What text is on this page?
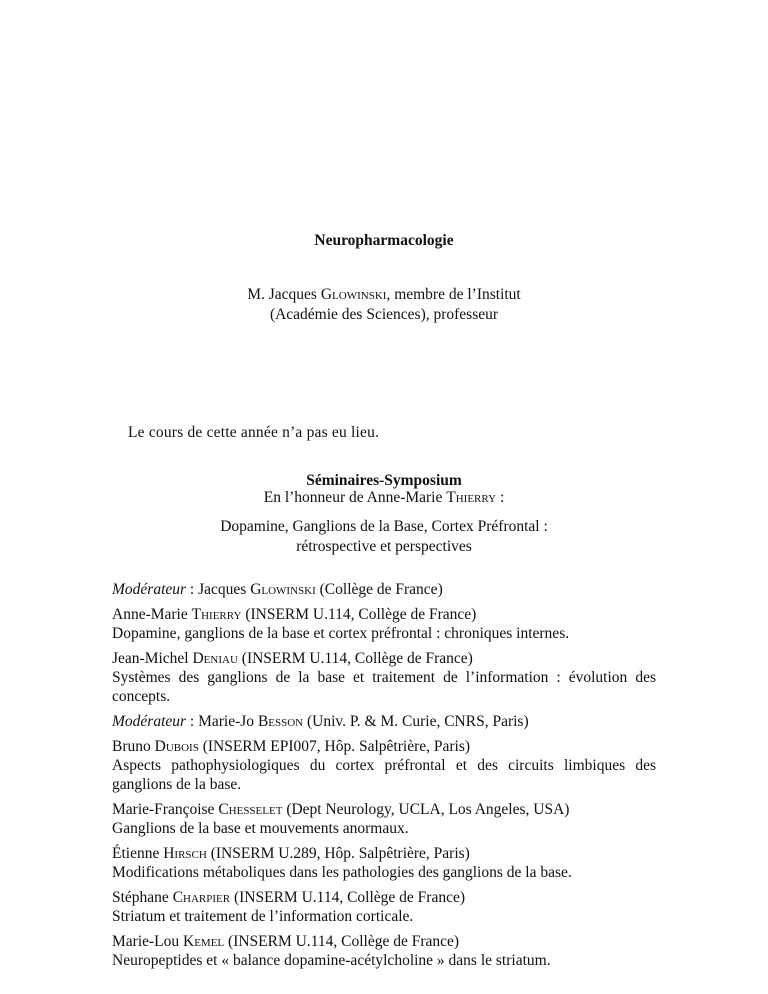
Neuropharmacologie
M. Jacques Glowinski, membre de l’Institut
(Académie des Sciences), professeur
Le cours de cette année n’a pas eu lieu.
Séminaires-Symposium
En l’honneur de Anne-Marie Thierry :
Dopamine, Ganglions de la Base, Cortex Préfrontal :
rétrospective et perspectives
Modérateur : Jacques Glowinski (Collège de France)
Anne-Marie Thierry (INSERM U.114, Collège de France)
Dopamine, ganglions de la base et cortex préfrontal : chroniques internes.
Jean-Michel Deniau (INSERM U.114, Collège de France)
Systèmes des ganglions de la base et traitement de l’information : évolution des concepts.
Modérateur : Marie-Jo Besson (Univ. P. & M. Curie, CNRS, Paris)
Bruno Dubois (INSERM EPI007, Hôp. Salpêtrière, Paris)
Aspects pathophysiologiques du cortex préfrontal et des circuits limbiques des ganglions de la base.
Marie-Françoise Chesselet (Dept Neurology, UCLA, Los Angeles, USA)
Ganglions de la base et mouvements anormaux.
Étienne Hirsch (INSERM U.289, Hôp. Salpêtrière, Paris)
Modifications métaboliques dans les pathologies des ganglions de la base.
Stéphane Charpier (INSERM U.114, Collège de France)
Striatum et traitement de l’information corticale.
Marie-Lou Kemel (INSERM U.114, Collège de France)
Neuropeptides et « balance dopamine-acétylcholine » dans le striatum.
